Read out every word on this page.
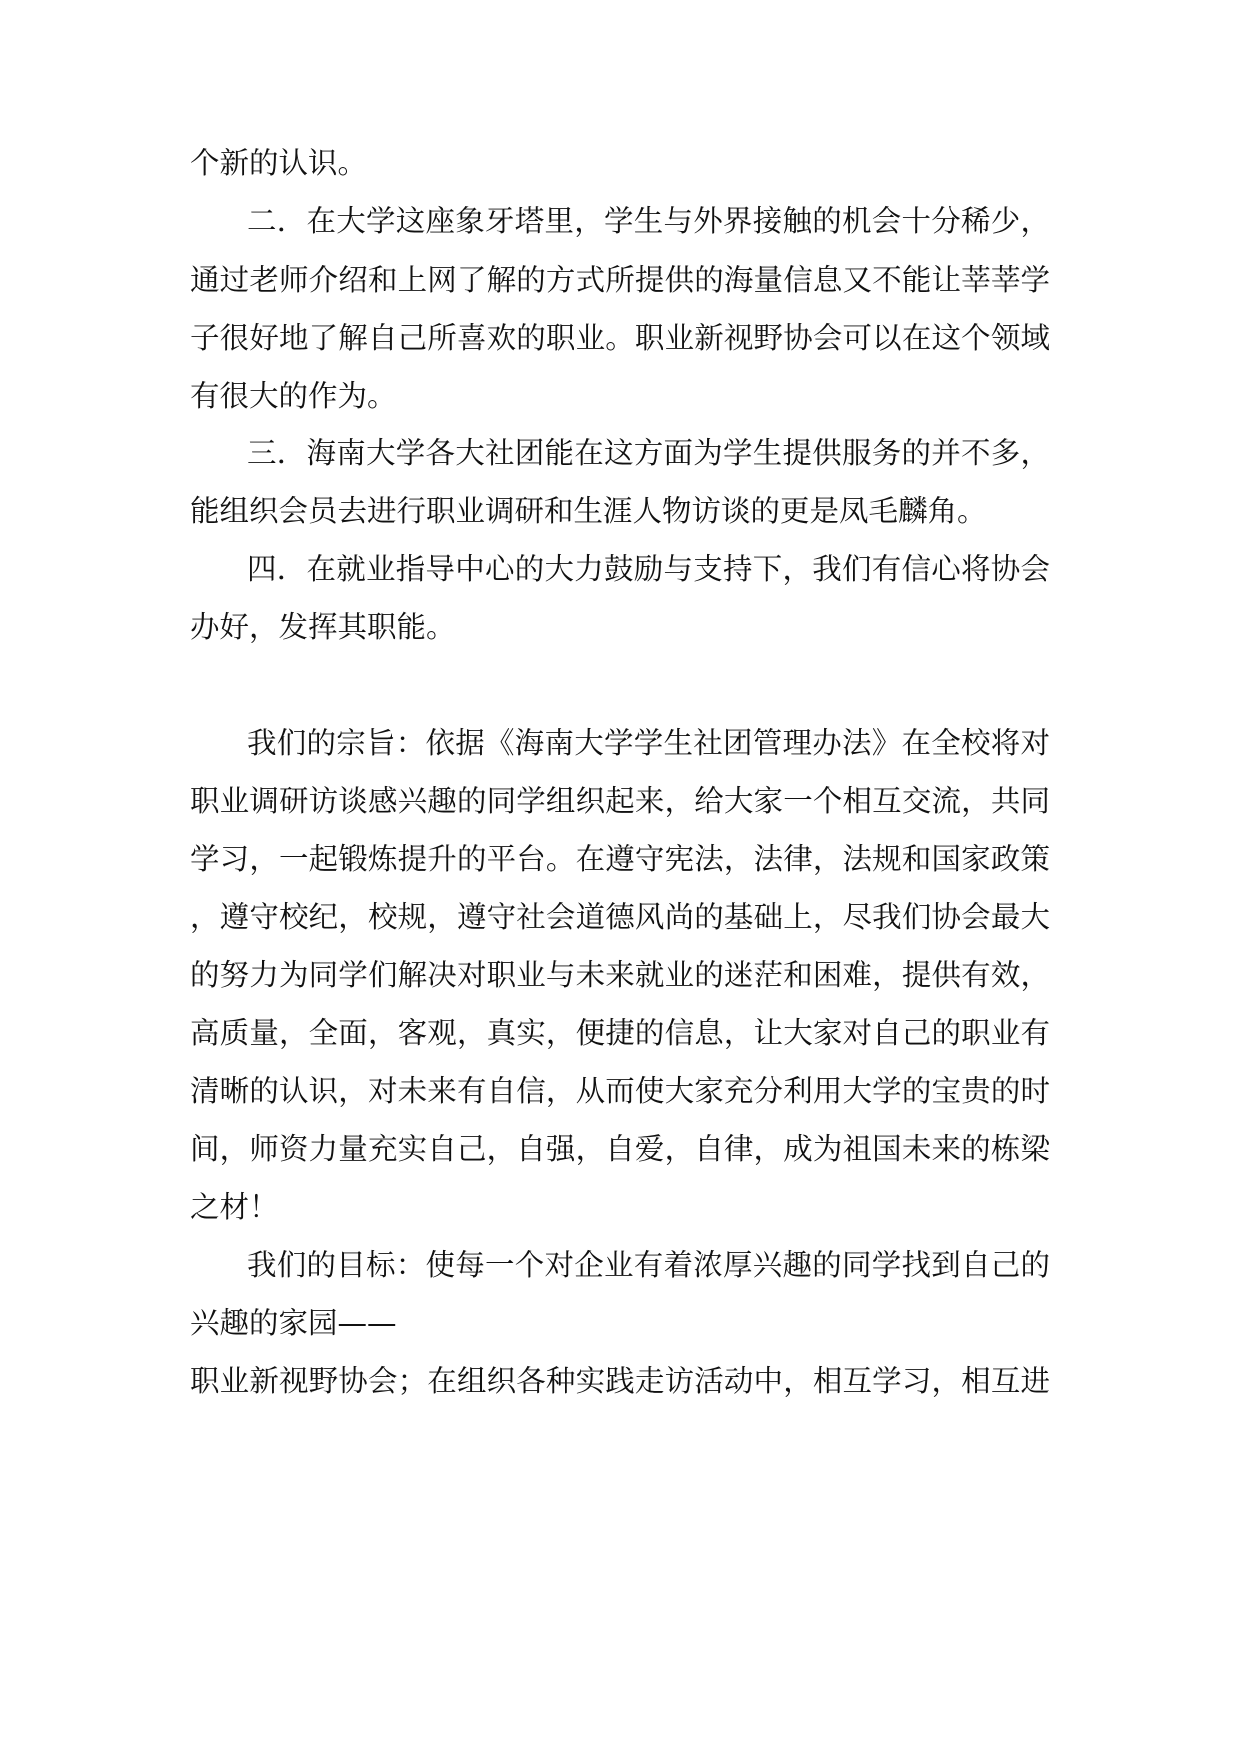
个新的认识。
二．在大学这座象牙塔里，学生与外界接触的机会十分稀少，
通过老师介绍和上网了解的方式所提供的海量信息又不能让莘莘学
子很好地了解自己所喜欢的职业。职业新视野协会可以在这个领域
有很大的作为。
三．海南大学各大社团能在这方面为学生提供服务的并不多，
能组织会员去进行职业调研和生涯人物访谈的更是凤毛麟角。
四．在就业指导中心的大力鼓励与支持下，我们有信心将协会
办好，发挥其职能。
我们的宗旨：依据《海南大学学生社团管理办法》在全校将对
职业调研访谈感兴趣的同学组织起来，给大家一个相互交流，共同
学习，一起锻炼提升的平台。在遵守宪法，法律，法规和国家政策
，遵守校纪，校规，遵守社会道德风尚的基础上，尽我们协会最大
的努力为同学们解决对职业与未来就业的迷茫和困难，提供有效，
高质量，全面，客观，真实，便捷的信息，让大家对自己的职业有
清晰的认识，对未来有自信，从而使大家充分利用大学的宝贵的时
间，师资力量充实自己，自强，自爱，自律，成为祖国未来的栋梁
之材！
我们的目标：使每一个对企业有着浓厚兴趣的同学找到自己的
兴趣的家园——
职业新视野协会；在组织各种实践走访活动中，相互学习，相互进
